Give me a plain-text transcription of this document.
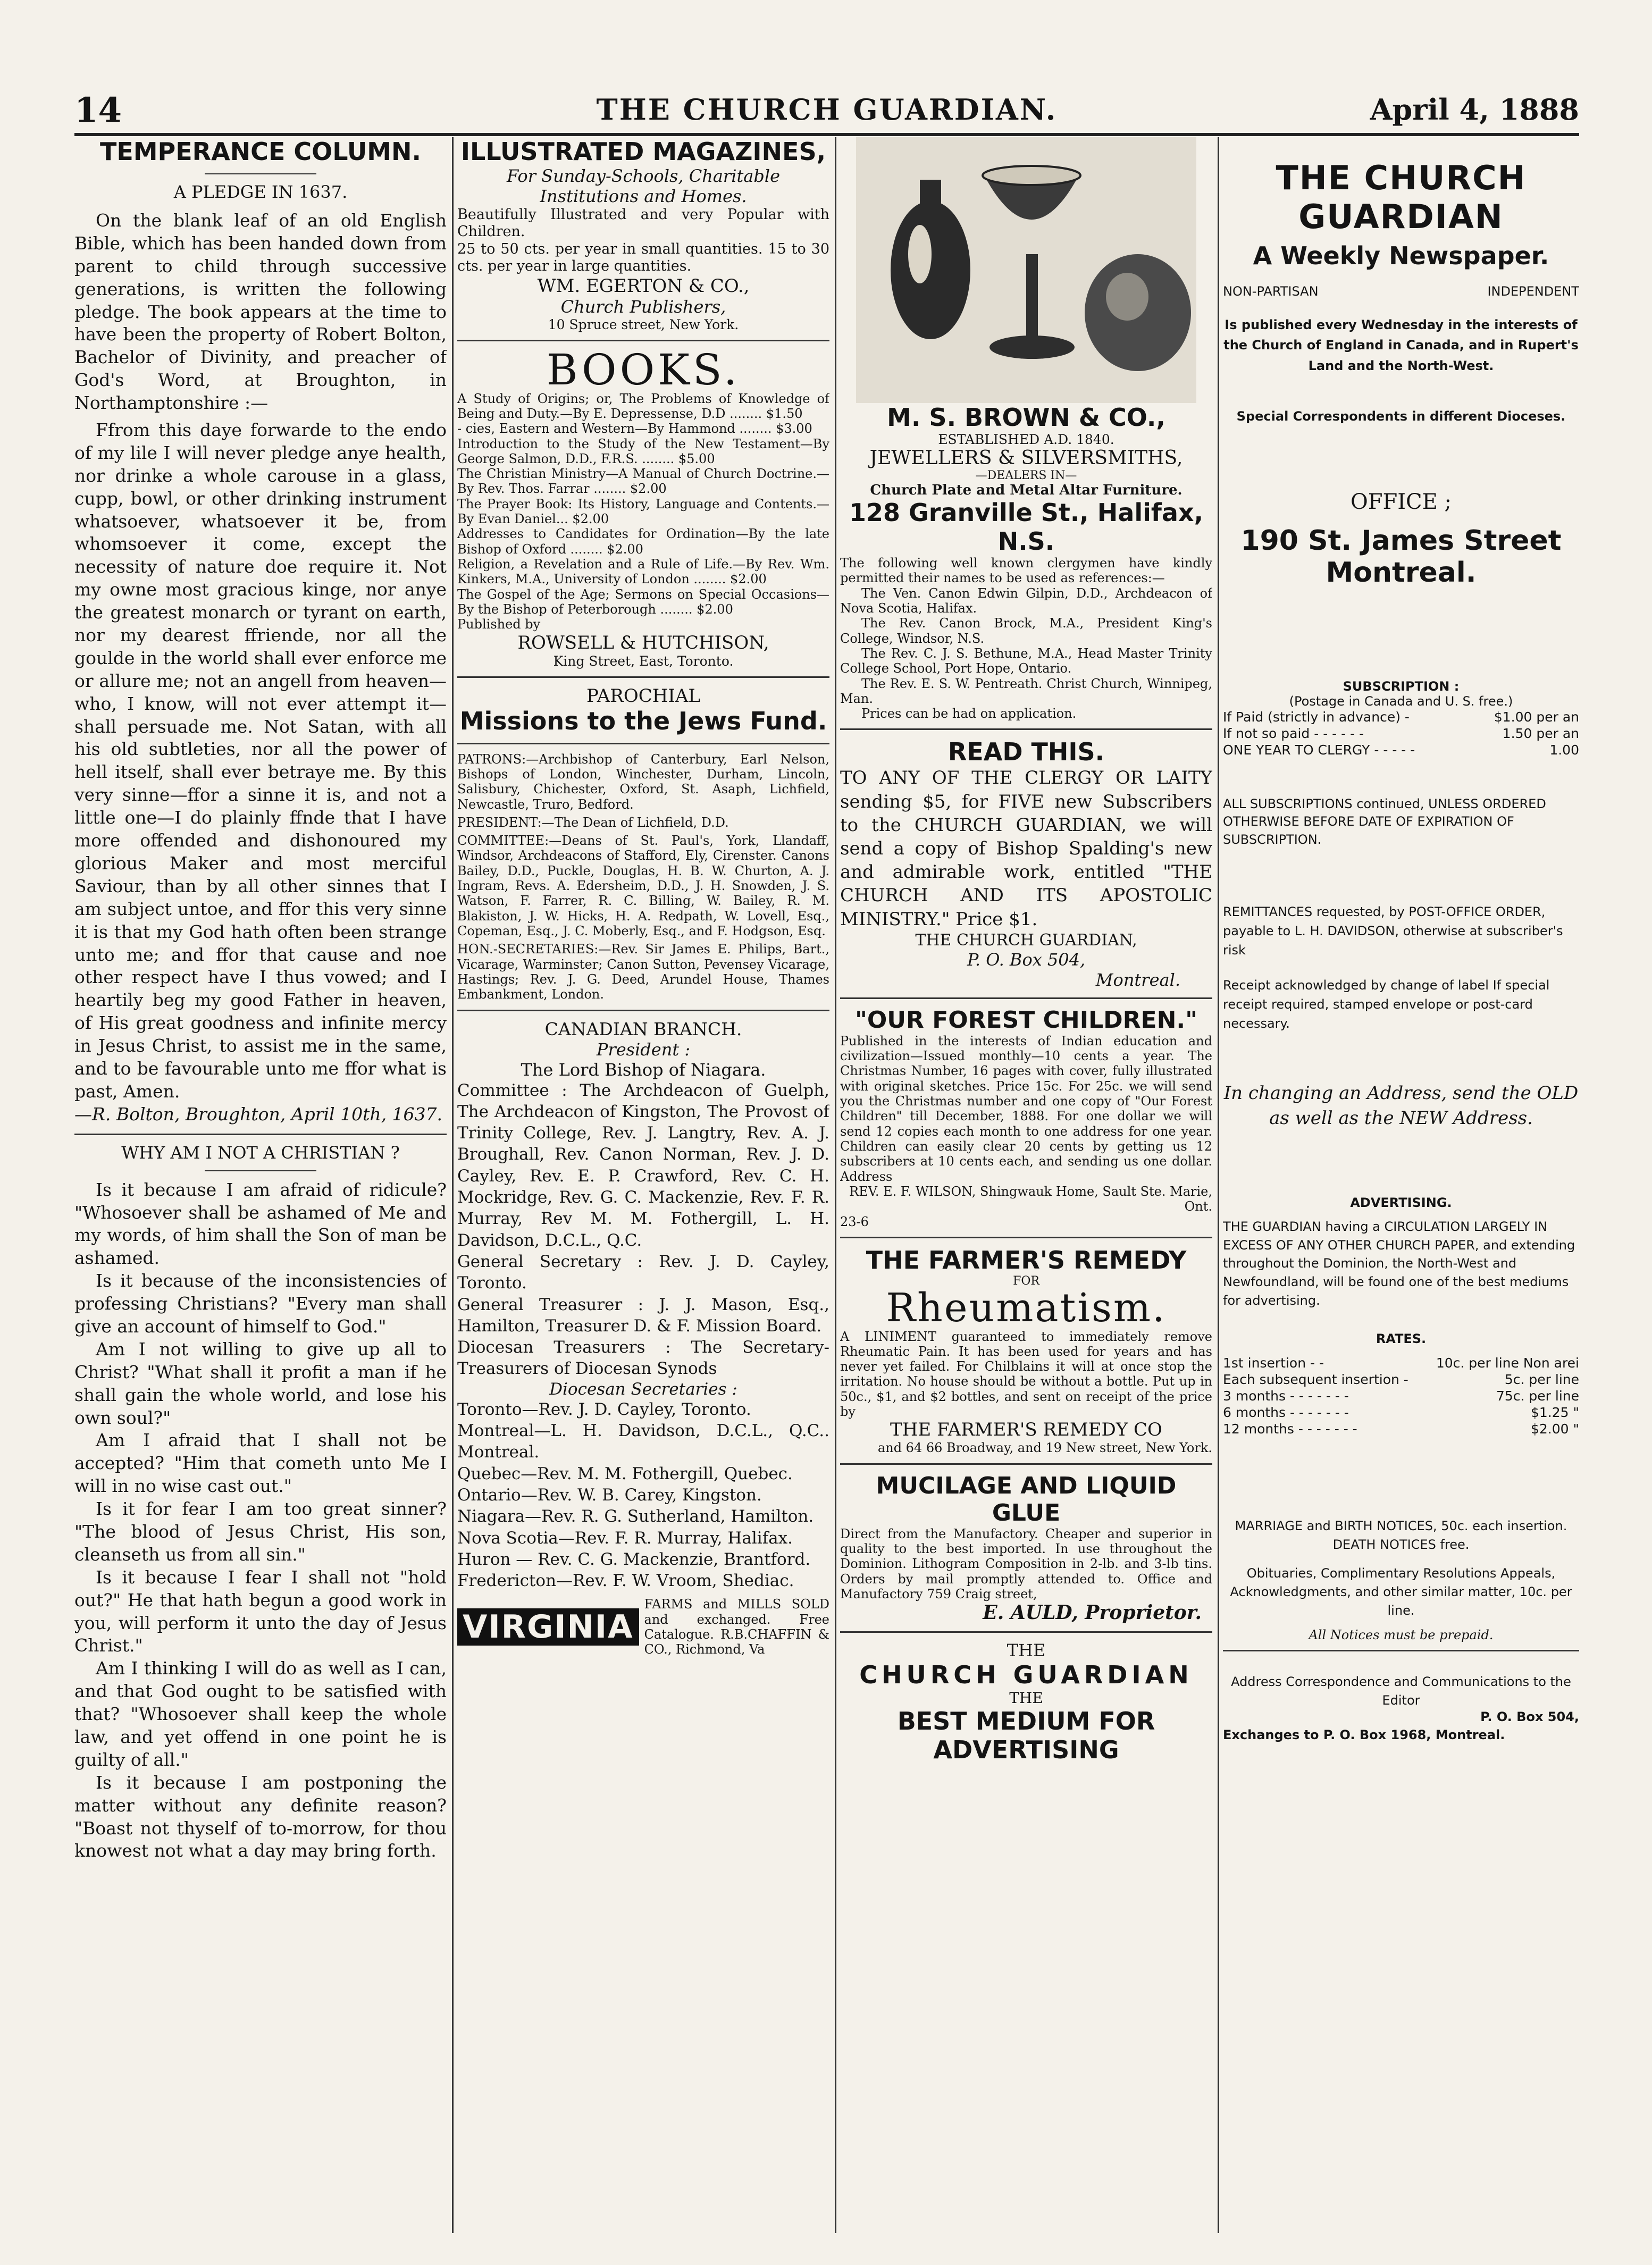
14	THE CHURCH GUARDIAN.	April 4, 1888
TEMPERANCE COLUMN.
A PLEDGE IN 1637.

On the blank leaf of an old English Bible, which has been handed down from parent to child through successive generations, is written the following pledge. The book appears at the time to have been the property of Robert Bolton, Bachelor of Divinity, and preacher of God's Word, at Broughton, in Northamptonshire :—

Ffrom this daye forwarde to the endo of my lile I will never pledge anye health, nor drinke a whole carouse in a glass, cupp, bowl, or other drinking instrument whatsoever, whatsoever it be, from whomsoever it come, except the necessity of nature doe require it. Not my owne most gracious kinge, nor anye the greatest monarch or tyrant on earth, nor my dearest ffriende, nor all the goulde in the world shall ever enforce me or allure me; not an angell from heaven—who, I know, will not ever attempt it—shall persuade me. Not Satan, with all his old subtleties, nor all the power of hell itself, shall ever betraye me. By this very sinne—ffor a sinne it is, and not a little one—I do plainly ffnde that I have more offended and dishonoured my glorious Maker and most merciful Saviour, than by all other sinnes that I am subject untoe, and ffor this very sinne it is that my God hath often been strange unto me; and ffor that cause and noe other respect have I thus vowed; and I heartily beg my good Father in heaven, of His great goodness and infinite mercy in Jesus Christ, to assist me in the same, and to be favourable unto me ffor what is past, Amen.

—R. Bolton, Broughton, April 10th, 1637.

WHY AM I NOT A CHRISTIAN ?

Is it because I am afraid of ridicule? "Whosoever shall be ashamed of Me and my words, of him shall the Son of man be ashamed.

Is it because of the inconsistencies of professing Christians? "Every man shall give an account of himself to God."

Am I not willing to give up all to Christ? "What shall it profit a man if he shall gain the whole world, and lose his own soul?"

Am I afraid that I shall not be accepted? "Him that cometh unto Me I will in no wise cast out."

Is it for fear I am too great sinner? "The blood of Jesus Christ, His son, cleanseth us from all sin."

Is it because I fear I shall not "hold out?" He that hath begun a good work in you, will perform it unto the day of Jesus Christ."

Am I thinking I will do as well as I can, and that God ought to be satisfied with that? "Whosoever shall keep the whole law, and yet offend in one point he is guilty of all."

Is it because I am postponing the matter without any definite reason? "Boast not thyself of to-morrow, for thou knowest not what a day may bring forth.

ILLUSTRATED MAGAZINES,
For Sunday-Schools, Charitable Institutions and Homes.

Beautifully Illustrated and very Popular with Children.

25 to 50 cts. per year in small quantities. 15 to 30 cts. per year in large quantities.

WM. EGERTON & CO.,
Church Publishers,
10 Spruce street, New York.
BOOKS.

A Study of Origins; or, The Problems of Knowledge of Being and Duty.—By E. Depressense, D.D ........ $1.50

- cies, Eastern and Western—By Hammond ........ $3.00

Introduction to the Study of the New Testament—By George Salmon, D.D., F.R.S. ........ $5.00

The Christian Ministry—A Manual of Church Doctrine.—By Rev. Thos. Farrar ........ $2.00

The Prayer Book: Its History, Language and Contents.—By Evan Daniel... $2.00

Addresses to Candidates for Ordination—By the late Bishop of Oxford ........ $2.00

Religion, a Revelation and a Rule of Life.—By Rev. Wm. Kinkers, M.A., University of London ........ $2.00

The Gospel of the Age; Sermons on Special Occasions—By the Bishop of Peterborough ........ $2.00

Published by

ROWSELL & HUTCHISON,
King Street, East, Toronto.
PAROCHIAL
Missions to the Jews Fund.

PATRONS:—Archbishop of Canterbury, Earl Nelson, Bishops of London, Winchester, Durham, Lincoln, Salisbury, Chichester, Oxford, St. Asaph, Lichfield, Newcastle, Truro, Bedford.

PRESIDENT:—The Dean of Lichfield, D.D.

COMMITTEE:—Deans of St. Paul's, York, Llandaff, Windsor, Archdeacons of Stafford, Ely, Cirenster. Canons Bailey, D.D., Puckle, Douglas, H. B. W. Churton, A. J. Ingram, Revs. A. Edersheim, D.D., J. H. Snowden, J. S. Watson, F. Farrer, R. C. Billing, W. Bailey, R. M. Blakiston, J. W. Hicks, H. A. Redpath, W. Lovell, Esq., Copeman, Esq., J. C. Moberly, Esq., and F. Hodgson, Esq.

HON.-SECRETARIES:—Rev. Sir James E. Philips, Bart., Vicarage, Warminster; Canon Sutton, Pevensey Vicarage, Hastings; Rev. J. G. Deed, Arundel House, Thames Embankment, London.

CANADIAN BRANCH.
President :
The Lord Bishop of Niagara.

Committee : The Archdeacon of Guelph, The Archdeacon of Kingston, The Provost of Trinity College, Rev. J. Langtry, Rev. A. J. Broughall, Rev. Canon Norman, Rev. J. D. Cayley, Rev. E. P. Crawford, Rev. C. H. Mockridge, Rev. G. C. Mackenzie, Rev. F. R. Murray, Rev M. M. Fothergill, L. H. Davidson, D.C.L., Q.C.

General Secretary : Rev. J. D. Cayley, Toronto.

General Treasurer : J. J. Mason, Esq., Hamilton, Treasurer D. & F. Mission Board.

Diocesan Treasurers : The Secretary-Treasurers of Diocesan Synods

Diocesan Secretaries :

Toronto—Rev. J. D. Cayley, Toronto.

Montreal—L. H. Davidson, D.C.L., Q.C.. Montreal.

Quebec—Rev. M. M. Fothergill, Quebec.

Ontario—Rev. W. B. Carey, Kingston.

Niagara—Rev. R. G. Sutherland, Hamilton.

Nova Scotia—Rev. F. R. Murray, Halifax.

Huron — Rev. C. G. Mackenzie, Brantford.

Fredericton—Rev. F. W. Vroom, Shediac.

VIRGINIA
FARMS and MILLS SOLD and exchanged. Free Catalogue. R.B.CHAFFIN & CO., Richmond, Va
M. S. BROWN & CO.,
ESTABLISHED A.D. 1840.
JEWELLERS & SILVERSMITHS,
—DEALERS IN—
Church Plate and Metal Altar Furniture.
128 Granville St., Halifax, N.S.

The following well known clergymen have kindly permitted their names to be used as references:—

The Ven. Canon Edwin Gilpin, D.D., Archdeacon of Nova Scotia, Halifax.

The Rev. Canon Brock, M.A., President King's College, Windsor, N.S.

The Rev. C. J. S. Bethune, M.A., Head Master Trinity College School, Port Hope, Ontario.

The Rev. E. S. W. Pentreath. Christ Church, Winnipeg, Man.

Prices can be had on application.

READ THIS.

TO ANY OF THE CLERGY OR LAITY sending $5, for FIVE new Subscribers to the CHURCH GUARDIAN, we will send a copy of Bishop Spalding's new and admirable work, entitled "THE CHURCH AND ITS APOSTOLIC MINISTRY." Price $1.

THE CHURCH GUARDIAN,
P. O. Box 504,
Montreal.
"OUR FOREST CHILDREN."

Published in the interests of Indian education and civilization—Issued monthly—10 cents a year. The Christmas Number, 16 pages with cover, fully illustrated with original sketches. Price 15c. For 25c. we will send you the Christmas number and one copy of "Our Forest Children" till December, 1888. For one dollar we will send 12 copies each month to one address for one year. Children can easily clear 20 cents by getting us 12 subscribers at 10 cents each, and sending us one dollar. Address

REV. E. F. WILSON, Shingwauk Home, Sault Ste. Marie, Ont.

23-6

THE FARMER'S REMEDY
FOR
Rheumatism.

A LINIMENT guaranteed to immediately remove Rheumatic Pain. It has been used for years and has never yet failed. For Chilblains it will at once stop the irritation. No house should be without a bottle. Put up in 50c., $1, and $2 bottles, and sent on receipt of the price by

THE FARMER'S REMEDY CO

and 64 66 Broadway, and 19 New street, New York.

MUCILAGE AND LIQUID GLUE

Direct from the Manufactory. Cheaper and superior in quality to the best imported. In use throughout the Dominion. Lithogram Composition in 2-lb. and 3-lb tins. Orders by mail promptly attended to. Office and Manufactory 759 Craig street,

E. AULD, Proprietor.
THE
CHURCH GUARDIAN
THE
BEST MEDIUM FOR ADVERTISING
THE CHURCH GUARDIAN
A Weekly Newspaper.
NON-PARTISAN	INDEPENDENT

Is published every Wednesday in the interests of the Church of England in Canada, and in Rupert's Land and the North-West.

Special Correspondents in different Dioceses.

OFFICE ;
190 St. James Street Montreal.
SUBSCRIPTION :
(Postage in Canada and U. S. free.)
If Paid (strictly in advance) -	$1.00 per an
If not so paid - - - - - -	1.50 per an
ONE YEAR TO CLERGY - - - - -	1.00

ALL SUBSCRIPTIONS continued, UNLESS ORDERED OTHERWISE BEFORE DATE OF EXPIRATION OF SUBSCRIPTION.

REMITTANCES requested, by POST-OFFICE ORDER, payable to L. H. DAVIDSON, otherwise at subscriber's risk

Receipt acknowledged by change of label If special receipt required, stamped envelope or post-card necessary.

In changing an Address, send the OLD as well as the NEW Address.

ADVERTISING.

THE GUARDIAN having a CIRCULATION LARGELY IN EXCESS OF ANY OTHER CHURCH PAPER, and extending throughout the Dominion, the North-West and Newfoundland, will be found one of the best mediums for advertising.

RATES.
1st insertion - -	10c. per line Non arei
Each subsequent insertion -	5c. per line
3 months - - - - - - -	75c. per line
6 months - - - - - - -	$1.25 "
12 months - - - - - - -	$2.00 "

MARRIAGE and BIRTH NOTICES, 50c. each insertion. DEATH NOTICES free.

Obituaries, Complimentary Resolutions Appeals, Acknowledgments, and other similar matter, 10c. per line.

All Notices must be prepaid.

Address Correspondence and Communications to the Editor

P. O. Box 504,

Exchanges to P. O. Box 1968, Montreal.
